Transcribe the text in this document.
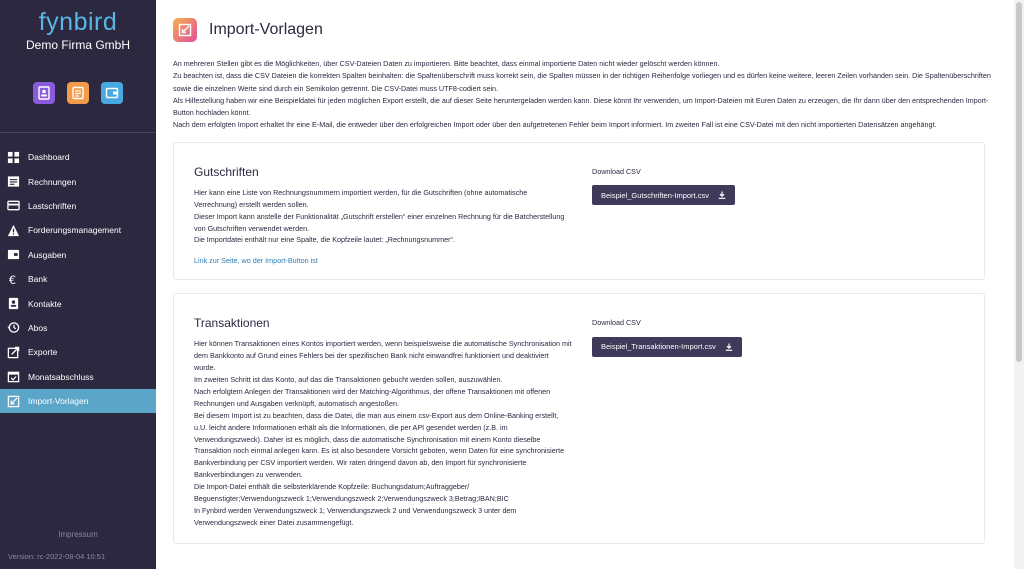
fynbird
Demo Firma GmbH
Dashboard
Rechnungen
Lastschriften
Forderungsmanagement
Ausgaben
€ Bank
Kontakte
Abos
Exporte
Monatsabschluss
Import-Vorlagen
Impressum
Version: rc-2022-08-04 10:51
Import-Vorlagen

An mehreren Stellen gibt es die Möglichkeiten, über CSV-Dateien Daten zu importieren. Bitte beachtet, dass einmal importierte Daten nicht wieder gelöscht werden können.

Zu beachten ist, dass die CSV Dateien die korrekten Spalten beinhalten: die Spaltenüberschrift muss korrekt sein, die Spalten müssen in der richtigen Reihenfolge vorliegen und es dürfen keine weitere, leeren Zeilen vorhanden sein. Die Spaltenüberschriften sowie die einzelnen Werte sind durch ein Semikolon getrennt. Die CSV-Datei muss UTF8-codiert sein.

Als Hilfestellung haben wir eine Beispieldatei für jeden möglichen Export erstellt, die auf dieser Seite heruntergeladen werden kann. Diese könnt Ihr verwenden, um Import-Dateien mit Euren Daten zu erzeugen, die Ihr dann über den entsprechenden Import-Button hochladen könnt.

Nach dem erfolgten Import erhaltet Ihr eine E-Mail, die entweder über den erfolgreichen Import oder über den aufgetretenen Fehler beim Import informiert. Im zweiten Fall ist eine CSV-Datei mit den nicht importierten Datensätzen angehängt.

Gutschriften

Hier kann eine Liste von Rechnungsnummern importiert werden, für die Gutschriften (ohne automatische Verrechnung) erstellt werden sollen.

Dieser Import kann anstelle der Funktionalität „Gutschrift erstellen“ einer einzelnen Rechnung für die Batcherstellung von Gutschriften verwendet werden.

Die Importdatei enthält nur eine Spalte, die Kopfzeile lautet: „Rechnungsnummer“.

Link zur Seite, wo der Import-Button ist
Download CSV
Beispiel_Gutschriften-Import.csv
Transaktionen

Hier können Transaktionen eines Kontos importiert werden, wenn beispielsweise die automatische Synchronisation mit dem Bankkonto auf Grund eines Fehlers bei der spezifischen Bank nicht einwandfrei funktioniert und deaktiviert wurde.

Im zweiten Schritt ist das Konto, auf das die Transaktionen gebucht werden sollen, auszuwählen.

Nach erfolgtem Anlegen der Transaktionen wird der Matching-Algorithmus, der offene Transaktionen mit offenen Rechnungen und Ausgaben verknüpft, automatisch angestoßen.

Bei diesem Import ist zu beachten, dass die Datei, die man aus einem csv-Export aus dem Online-Banking erstellt, u.U. leicht andere Informationen erhält als die Informationen, die per API gesendet werden (z.B. im Verwendungszweck). Daher ist es möglich, dass die automatische Synchronisation mit einem Konto dieselbe Transaktion noch einmal anlegen kann. Es ist also besondere Vorsicht geboten, wenn Daten für eine synchronisierte Bankverbindung per CSV importiert werden. Wir raten dringend davon ab, den Import für synchronisierte Bankverbindungen zu verwenden.

Die Import-Datei enthält die selbsterklärende Kopfzeile: Buchungsdatum;Auftraggeber/ Beguenstigter;Verwendungszweck 1;Verwendungszweck 2;Verwendungszweck 3;Betrag;IBAN;BIC

In Fynbird werden Verwendungszweck 1; Verwendungszweck 2 und Verwendungszweck 3 unter dem Verwendungszweck einer Datei zusammengefügt.

Download CSV
Beispiel_Transaktionen-Import.csv
